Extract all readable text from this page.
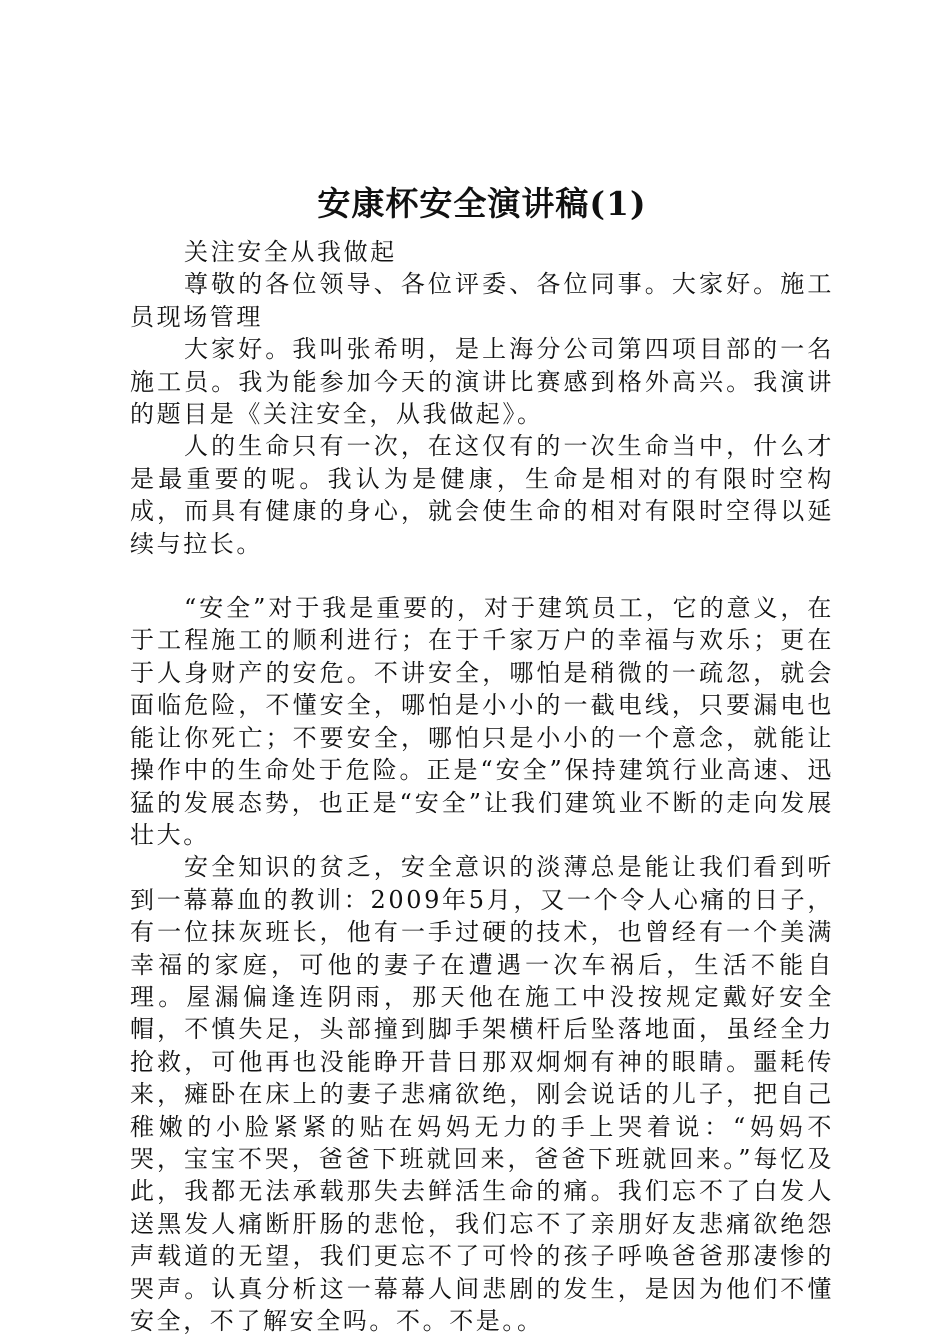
安康杯安全演讲稿(1)

关注安全从我做起

尊敬的各位领导、各位评委、各位同事。大家好。施工员现场管理

大家好。我叫张希明，是上海分公司第四项目部的一名施工员。我为能参加今天的演讲比赛感到格外高兴。我演讲的题目是《关注安全，从我做起》。

人的生命只有一次，在这仅有的一次生命当中，什么才是最重要的呢。我认为是健康，生命是相对的有限时空构成，而具有健康的身心，就会使生命的相对有限时空得以延续与拉长。

“安全”对于我是重要的，对于建筑员工，它的意义，在于工程施工的顺利进行；在于千家万户的幸福与欢乐；更在于人身财产的安危。不讲安全，哪怕是稍微的一疏忽，就会面临危险，不懂安全，哪怕是小小的一截电线，只要漏电也能让你死亡；不要安全，哪怕只是小小的一个意念，就能让操作中的生命处于危险。正是“安全”保持建筑行业高速、迅猛的发展态势，也正是“安全”让我们建筑业不断的走向发展壮大。

安全知识的贫乏，安全意识的淡薄总是能让我们看到听到一幕幕血的教训：2009年5月，又一个令人心痛的日子，有一位抹灰班长，他有一手过硬的技术，也曾经有一个美满幸福的家庭，可他的妻子在遭遇一次车祸后，生活不能自理。屋漏偏逢连阴雨，那天他在施工中没按规定戴好安全帽，不慎失足，头部撞到脚手架横杆后坠落地面，虽经全力抢救，可他再也没能睁开昔日那双炯炯有神的眼睛。噩耗传来，瘫卧在床上的妻子悲痛欲绝，刚会说话的儿子，把自己稚嫩的小脸紧紧的贴在妈妈无力的手上哭着说：“妈妈不哭，宝宝不哭，爸爸下班就回来，爸爸下班就回来。”每忆及此，我都无法承载那失去鲜活生命的痛。我们忘不了白发人送黑发人痛断肝肠的悲怆，我们忘不了亲朋好友悲痛欲绝怨声载道的无望，我们更忘不了可怜的孩子呼唤爸爸那凄惨的哭声。认真分析这一幕幕人间悲剧的发生，是因为他们不懂安全，不了解安全吗。不。不是。。
